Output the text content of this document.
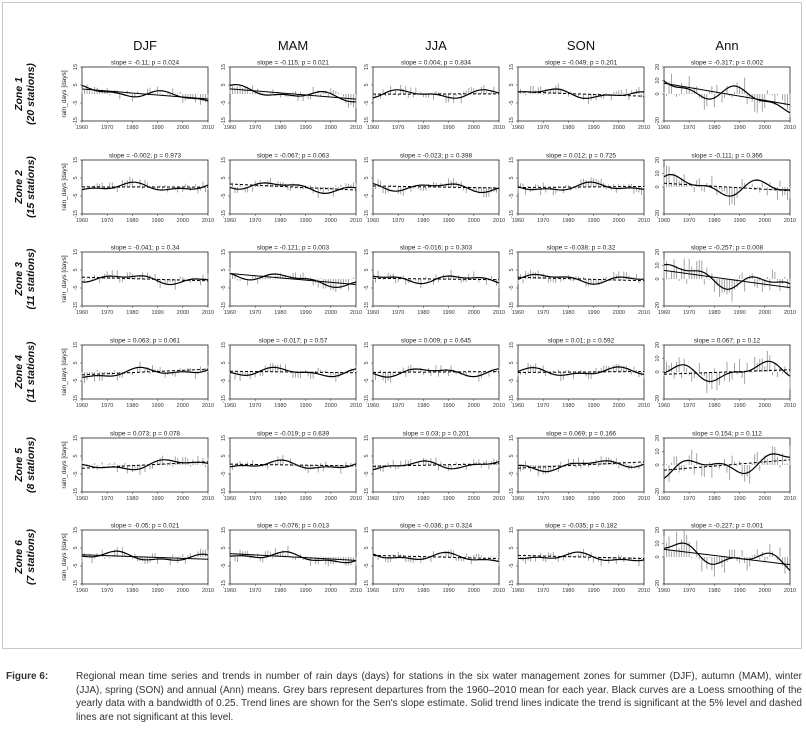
DJF	MAM	JJA	SON	Ann
Zone 1 (20 stations)
slope = -0.11; p = 0.024
rain_days [days]
-15
-5
5
15
1960 1970 1980 1990 2000 2010
slope = -0.115; p = 0.021
-15
-5
5
15
1960 1970 1980 1990 2000 2010
slope = 0.004; p = 0.834
-15
-5
5
15
1960 1970 1980 1990 2000 2010
slope = -0.049; p = 0.201
-15
-5
5
15
1960 1970 1980 1990 2000 2010
slope = -0.317; p = 0.002
-20
0
10
20
1960 1970 1980 1990 2000 2010
Zone 2 (15 stations)
slope = -0.002; p = 0.973
rain_days [days]
-15
-5
5
15
1960 1970 1980 1990 2000 2010
slope = -0.067; p = 0.063
-15
-5
5
15
1960 1970 1980 1990 2000 2010
slope = -0.023; p = 0.398
-15
-5
5
15
1960 1970 1980 1990 2000 2010
slope = 0.012; p = 0.725
-15
-5
5
15
1960 1970 1980 1990 2000 2010
slope = -0.111; p = 0.366
-20
0
10
20
1960 1970 1980 1990 2000 2010
Zone 3 (11 stations)
slope = -0.041; p = 0.34
rain_days [days]
-15
-5
5
15
1960 1970 1980 1990 2000 2010
slope = -0.121; p = 0.003
-15
-5
5
15
1960 1970 1980 1990 2000 2010
slope = -0.016; p = 0.303
-15
-5
5
15
1960 1970 1980 1990 2000 2010
slope = -0.038; p = 0.32
-15
-5
5
15
1960 1970 1980 1990 2000 2010
slope = -0.257; p = 0.008
-20
0
10
20
1960 1970 1980 1990 2000 2010
Zone 4 (11 stations)
slope = 0.063; p = 0.061
rain_days [days]
-15
-5
5
15
1960 1970 1980 1990 2000 2010
slope = -0.017; p = 0.57
-15
-5
5
15
1960 1970 1980 1990 2000 2010
slope = 0.009; p = 0.645
-15
-5
5
15
1960 1970 1980 1990 2000 2010
slope = 0.01; p = 0.592
-15
-5
5
15
1960 1970 1980 1990 2000 2010
slope = 0.067; p = 0.12
-20
0
10
20
1960 1970 1980 1990 2000 2010
Zone 5 (8 stations)
slope = 0.073; p = 0.078
rain_days [days]
-15
-5
5
15
1960 1970 1980 1990 2000 2010
slope = -0.019; p = 0.639
-15
-5
5
15
1960 1970 1980 1990 2000 2010
slope = 0.03; p = 0.201
-15
-5
5
15
1960 1970 1980 1990 2000 2010
slope = 0.069; p = 0.166
-15
-5
5
15
1960 1970 1980 1990 2000 2010
slope = 0.154; p = 0.112
-20
0
10
20
1960 1970 1980 1990 2000 2010
Zone 6 (7 stations)
slope = -0.05; p = 0.021
rain_days [days]
-15
-5
5
15
1960 1970 1980 1990 2000 2010
slope = -0.076; p = 0.013
-15
-5
5
15
1960 1970 1980 1990 2000 2010
slope = -0.036; p = 0.324
-15
-5
5
15
1960 1970 1980 1990 2000 2010
slope = -0.035; p = 0.182
-15
-5
5
15
1960 1970 1980 1990 2000 2010
slope = -0.227; p = 0.001
-20
0
10
20
1960 1970 1980 1990 2000 2010
Figure 6:	Regional mean time series and trends in number of rain days (days) for stations in the six water management zones for summer (DJF), autumn (MAM), winter (JJA), spring (SON) and annual (Ann) means. Grey bars represent departures from the 1960–2010 mean for each year. Black curves are a Loess smoothing of the yearly data with a bandwidth of 0.25. Trend lines are shown for the Sen's slope estimate. Solid trend lines indicate the trend is significant at the 5% level and dashed lines are not significant at this level.
